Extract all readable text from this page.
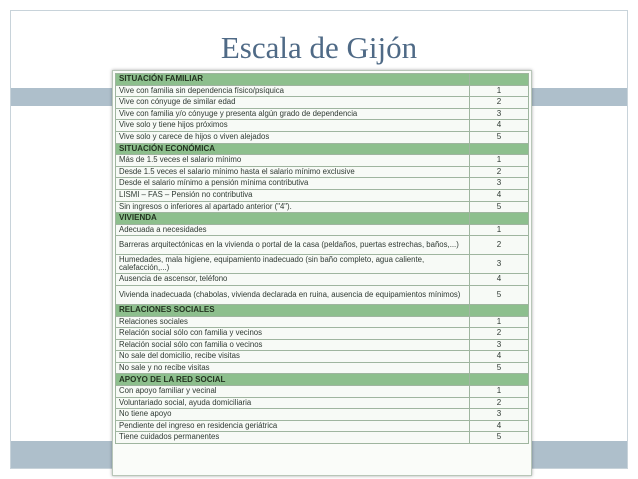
Escala de Gijón
SITUACIÓN FAMILIAR	
Vive con familia sin dependencia físico/psíquica	1
Vive con cónyuge de similar edad	2
Vive con familia y/o cónyuge y presenta algún grado de dependencia	3
Vive solo y tiene hijos próximos	4
Vive solo y carece de hijos o viven alejados	5
SITUACIÓN ECONÓMICA	
Más de 1.5 veces el salario mínimo	1
Desde 1.5 veces el salario mínimo hasta el salario mínimo exclusive	2
Desde el salario mínimo a pensión mínima contributiva	3
LISMI – FAS – Pensión no contributiva	4
Sin ingresos o inferiores al apartado anterior ("4").	5
VIVIENDA	
Adecuada a necesidades	1
Barreras arquitectónicas en la vivienda o portal de la casa (peldaños, puertas estrechas, baños,...)	2
Humedades, mala higiene, equipamiento inadecuado (sin baño completo, agua caliente, calefacción,...)	3
Ausencia de ascensor, teléfono	4
Vivienda inadecuada (chabolas, vivienda declarada en ruina, ausencia de equipamientos mínimos)	5
RELACIONES SOCIALES	
Relaciones sociales	1
Relación social sólo con familia y vecinos	2
Relación social sólo con familia o vecinos	3
No sale del domicilio, recibe visitas	4
No sale y no recibe visitas	5
APOYO DE LA RED SOCIAL	
Con apoyo familiar y vecinal	1
Voluntariado social, ayuda domiciliaria	2
No tiene apoyo	3
Pendiente del ingreso en residencia geriátrica	4
Tiene cuidados permanentes	5
